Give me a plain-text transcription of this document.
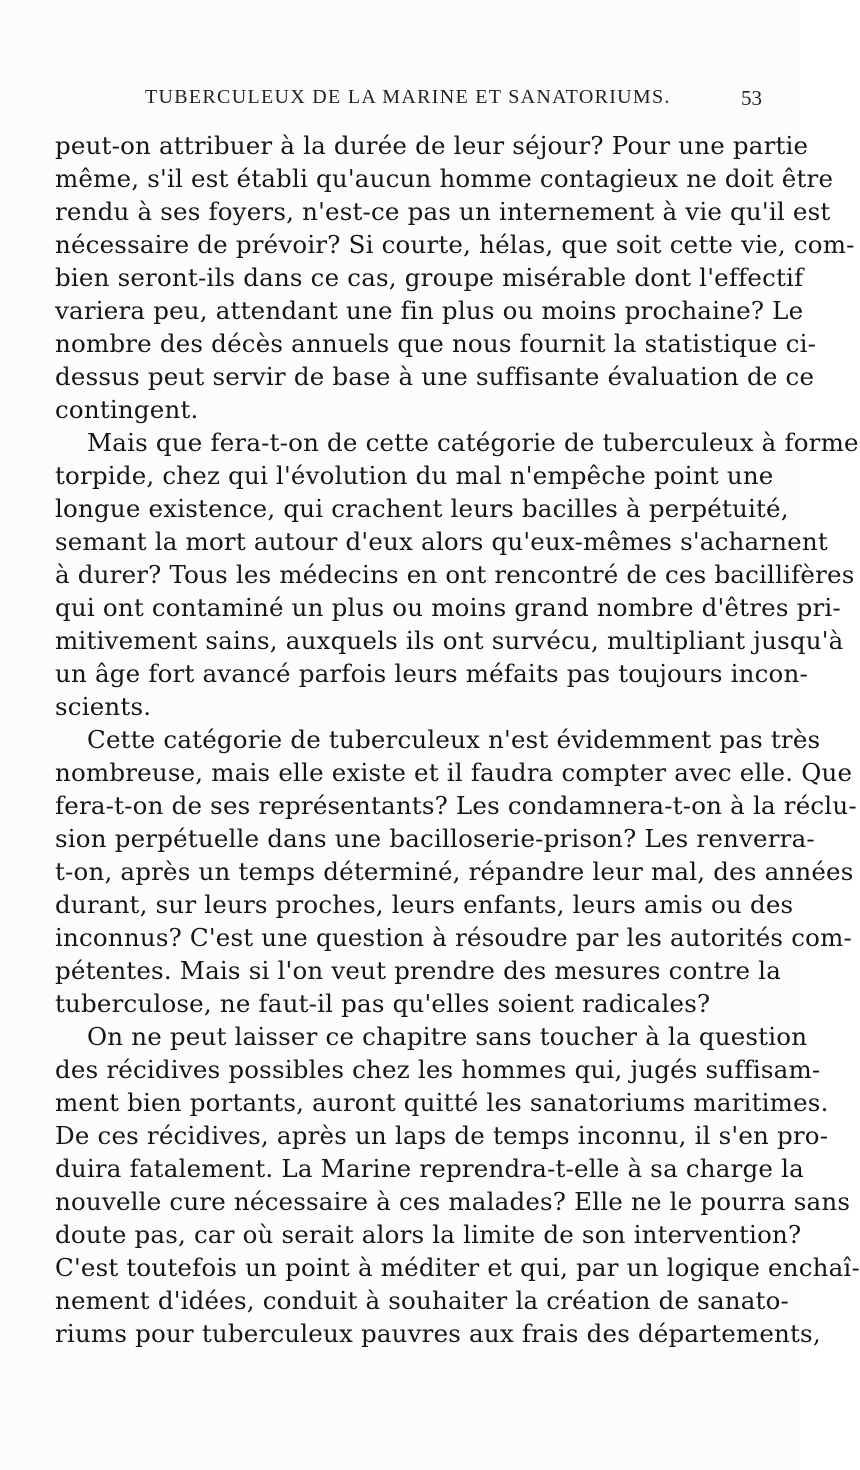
TUBERCULEUX DE LA MARINE ET SANATORIUMS.	53
peut-on attribuer à la durée de leur séjour? Pour une partie
même, s'il est établi qu'aucun homme contagieux ne doit être
rendu à ses foyers, n'est-ce pas un internement à vie qu'il est
nécessaire de prévoir? Si courte, hélas, que soit cette vie, com-
bien seront-ils dans ce cas, groupe misérable dont l'effectif
variera peu, attendant une fin plus ou moins prochaine? Le
nombre des décès annuels que nous fournit la statistique ci-
dessus peut servir de base à une suffisante évaluation de ce
contingent.
Mais que fera-t-on de cette catégorie de tuberculeux à forme
torpide, chez qui l'évolution du mal n'empêche point une
longue existence, qui crachent leurs bacilles à perpétuité,
semant la mort autour d'eux alors qu'eux-mêmes s'acharnent
à durer? Tous les médecins en ont rencontré de ces bacillifères
qui ont contaminé un plus ou moins grand nombre d'êtres pri-
mitivement sains, auxquels ils ont survécu, multipliant jusqu'à
un âge fort avancé parfois leurs méfaits pas toujours incon-
scients.
Cette catégorie de tuberculeux n'est évidemment pas très
nombreuse, mais elle existe et il faudra compter avec elle. Que
fera-t-on de ses représentants? Les condamnera-t-on à la réclu-
sion perpétuelle dans une bacilloserie-prison? Les renverra-
t-on, après un temps déterminé, répandre leur mal, des années
durant, sur leurs proches, leurs enfants, leurs amis ou des
inconnus? C'est une question à résoudre par les autorités com-
pétentes. Mais si l'on veut prendre des mesures contre la
tuberculose, ne faut-il pas qu'elles soient radicales?
On ne peut laisser ce chapitre sans toucher à la question
des récidives possibles chez les hommes qui, jugés suffisam-
ment bien portants, auront quitté les sanatoriums maritimes.
De ces récidives, après un laps de temps inconnu, il s'en pro-
duira fatalement. La Marine reprendra-t-elle à sa charge la
nouvelle cure nécessaire à ces malades? Elle ne le pourra sans
doute pas, car où serait alors la limite de son intervention?
C'est toutefois un point à méditer et qui, par un logique enchaî-
nement d'idées, conduit à souhaiter la création de sanato-
riums pour tuberculeux pauvres aux frais des départements,
